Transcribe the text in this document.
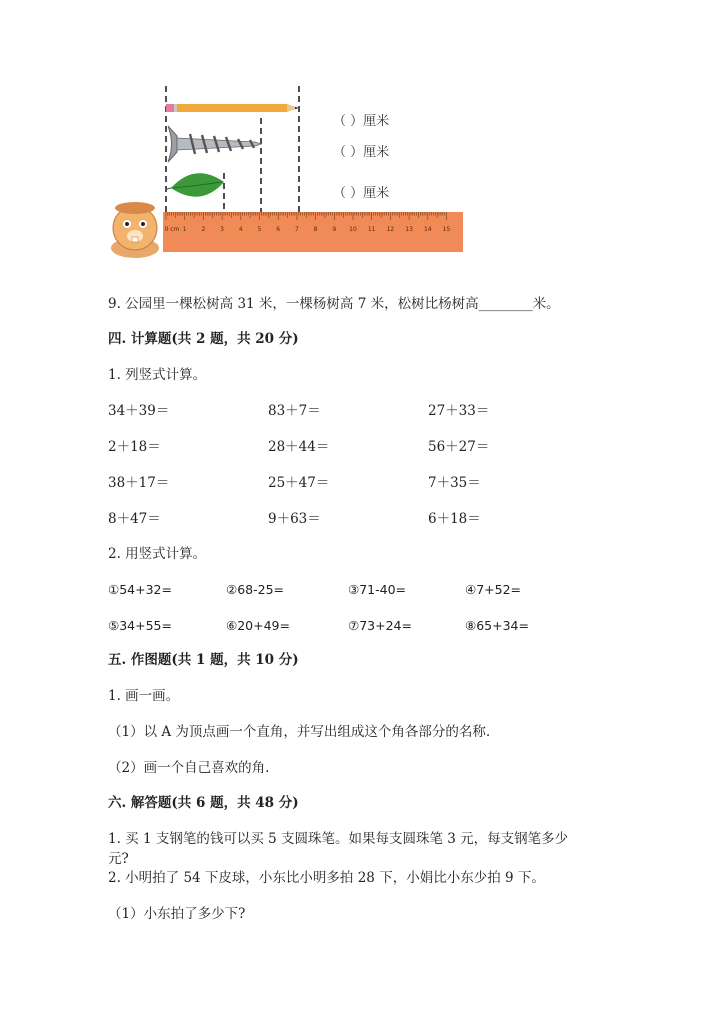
0 cm 1 2 3 4 5 6 7 8 9 10 11 12 13 14 15
（ ）厘米
（ ）厘米
（ ）厘米
9. 公园里一棵松树高 31 米，一棵杨树高 7 米，松树比杨树高________米。
四. 计算题(共 2 题，共 20 分)
1. 列竖式计算。
34＋39＝	83＋7＝	27＋33＝
2＋18＝	28＋44＝	56＋27＝
38＋17＝	25＋47＝	7＋35＝
8＋47＝	9＋63＝	6＋18＝
2. 用竖式计算。
①54+32=	②68-25=	③71-40=	④7+52=
⑤34+55=	⑥20+49=	⑦73+24=	⑧65+34=
五. 作图题(共 1 题，共 10 分)
1. 画一画。
（1）以 A 为顶点画一个直角，并写出组成这个角各部分的名称.
（2）画一个自己喜欢的角.
六. 解答题(共 6 题，共 48 分)
1. 买 1 支钢笔的钱可以买 5 支圆珠笔。如果每支圆珠笔 3 元，每支钢笔多少
元?
2. 小明拍了 54 下皮球，小东比小明多拍 28 下，小娟比小东少拍 9 下。
（1）小东拍了多少下?
